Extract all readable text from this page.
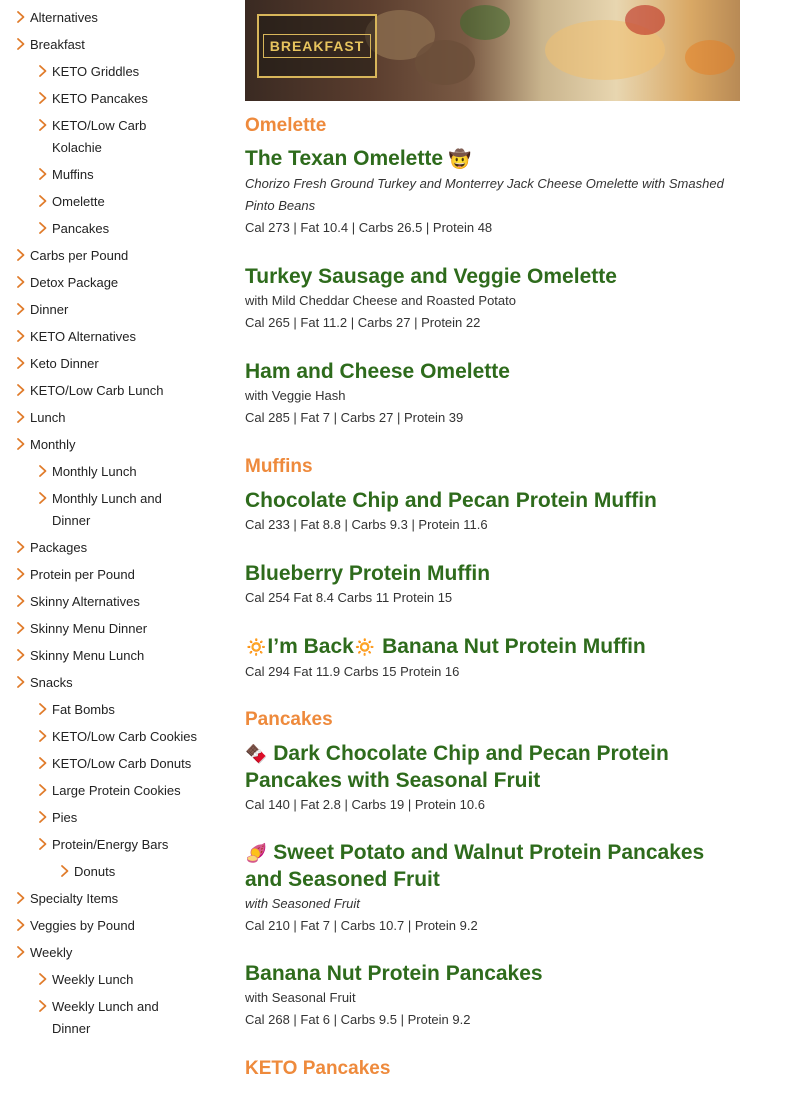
Alternatives
Breakfast
KETO Griddles
KETO Pancakes
KETO/Low Carb Kolachie
Muffins
Omelette
Pancakes
Carbs per Pound
Detox Package
Dinner
KETO Alternatives
Keto Dinner
KETO/Low Carb Lunch
Lunch
Monthly
Monthly Lunch
Monthly Lunch and Dinner
Packages
Protein per Pound
Skinny Alternatives
Skinny Menu Dinner
Skinny Menu Lunch
Snacks
Fat Bombs
KETO/Low Carb Cookies
KETO/Low Carb Donuts
Large Protein Cookies
Pies
Protein/Energy Bars
Donuts
Specialty Items
Veggies by Pound
Weekly
Weekly Lunch
Weekly Lunch and Dinner
BREAKFAST
Omelette
The Texan Omelette 🤠
Chorizo Fresh Ground Turkey and Monterrey Jack Cheese Omelette with Smashed Pinto Beans
Cal 273 | Fat 10.4 | Carbs 26.5 | Protein 48
Turkey Sausage and Veggie Omelette
with Mild Cheddar Cheese and Roasted Potato
Cal 265 | Fat 11.2 | Carbs 27 | Protein 22
Ham and Cheese Omelette
with Veggie Hash
Cal 285 | Fat 7 | Carbs 27 | Protein 39
Muffins
Chocolate Chip and Pecan Protein Muffin
Cal 233 | Fat 8.8 | Carbs 9.3 | Protein 11.6
Blueberry Protein Muffin
Cal 254 Fat 8.4 Carbs 11 Protein 15
🔅I’m Back🔅 Banana Nut Protein Muffin
Cal 294 Fat 11.9 Carbs 15 Protein 16
Pancakes
🍫 Dark Chocolate Chip and Pecan Protein Pancakes with Seasonal Fruit
Cal 140 | Fat 2.8 | Carbs 19 | Protein 10.6
🍠 Sweet Potato and Walnut Protein Pancakes and Seasoned Fruit
with Seasoned Fruit
Cal 210 | Fat 7 | Carbs 10.7 | Protein 9.2
Banana Nut Protein Pancakes
with Seasonal Fruit
Cal 268 | Fat 6 | Carbs 9.5 | Protein 9.2
KETO Pancakes
